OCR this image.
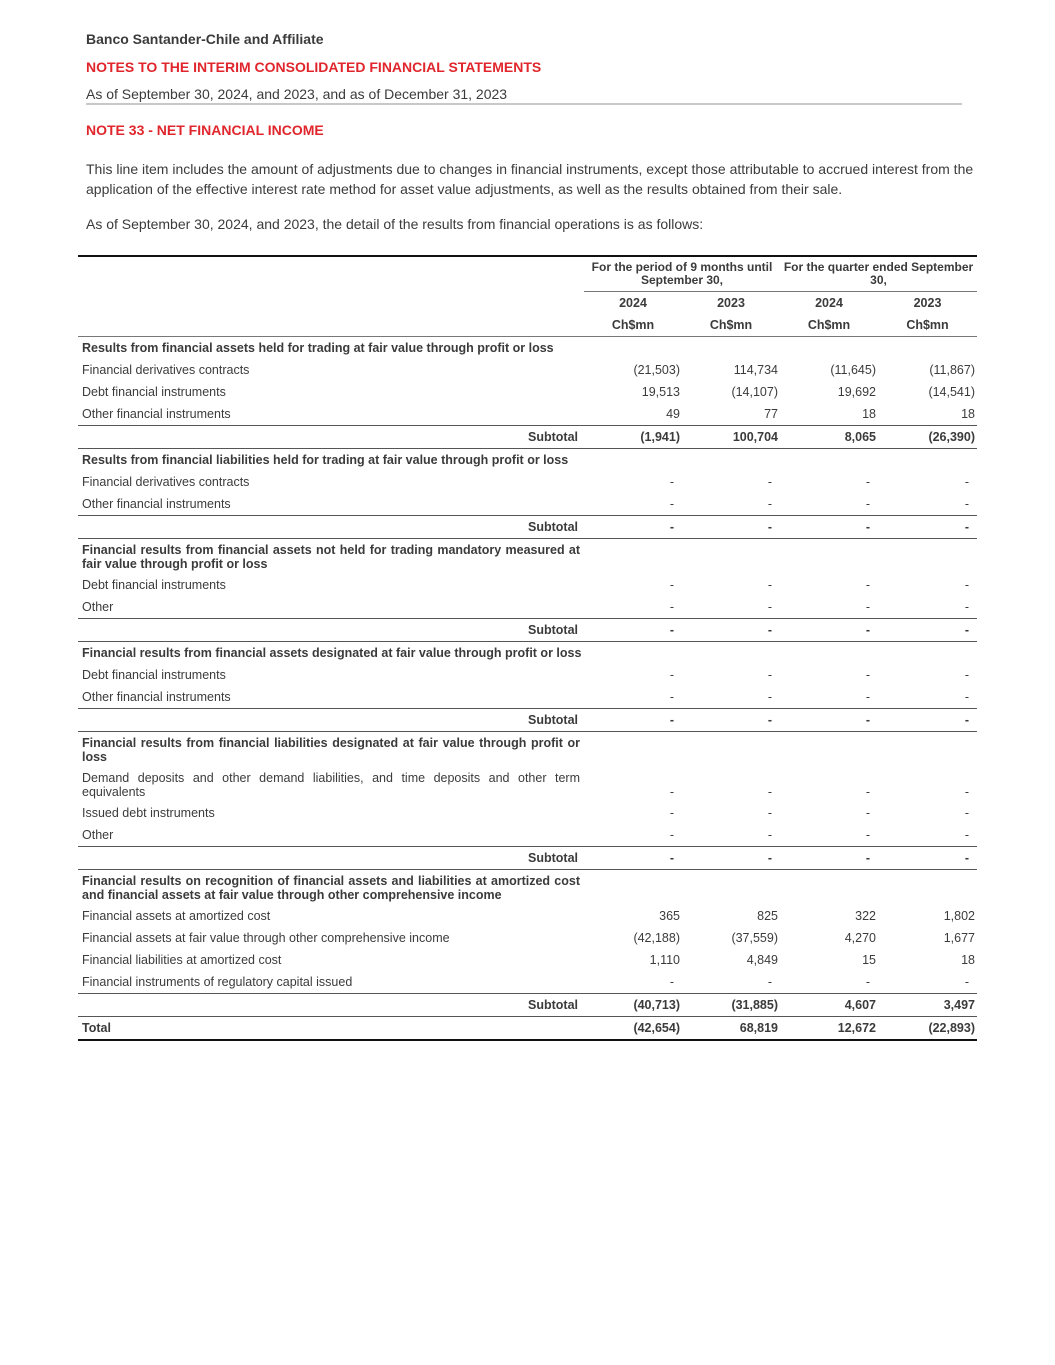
Banco Santander-Chile and Affiliate
NOTES TO THE INTERIM CONSOLIDATED FINANCIAL STATEMENTS
As of September 30, 2024, and 2023, and as of December 31, 2023
NOTE 33 - NET FINANCIAL INCOME
This line item includes the amount of adjustments due to changes in financial instruments, except those attributable to accrued interest from the application of the effective interest rate method for asset value adjustments, as well as the results obtained from their sale.
As of September 30, 2024, and 2023, the detail of the results from financial operations is as follows:

	For the period of 9 months until September 30,		For the quarter ended September 30,	
	2024	2023	2024	2023
	Ch$mn	Ch$mn	Ch$mn	Ch$mn
Results from financial assets held for trading at fair value through profit or loss				
Financial derivatives contracts	(21,503)	114,734	(11,645)	(11,867)
Debt financial instruments	19,513	(14,107)	19,692	(14,541)
Other financial instruments	49	77	18	18
Subtotal	(1,941)	100,704	8,065	(26,390)
Results from financial liabilities held for trading at fair value through profit or loss				
Financial derivatives contracts	-	-	-	-
Other financial instruments	-	-	-	-
Subtotal	-	-	-	-
Financial results from financial assets not held for trading mandatory measured at fair value through profit or loss				
Debt financial instruments	-	-	-	-
Other	-	-	-	-
Subtotal	-	-	-	-
Financial results from financial assets designated at fair value through profit or loss				
Debt financial instruments	-	-	-	-
Other financial instruments	-	-	-	-
Subtotal	-	-	-	-
Financial results from financial liabilities designated at fair value through profit or loss				
Demand deposits and other demand liabilities, and time deposits and other term equivalents	-	-	-	-
Issued debt instruments	-	-	-	-
Other	-	-	-	-
Subtotal	-	-	-	-
Financial results on recognition of financial assets and liabilities at amortized cost and financial assets at fair value through other comprehensive income				
Financial assets at amortized cost	365	825	322	1,802
Financial assets at fair value through other comprehensive income	(42,188)	(37,559)	4,270	1,677
Financial liabilities at amortized cost	1,110	4,849	15	18
Financial instruments of regulatory capital issued	-	-	-	-
Subtotal	(40,713)	(31,885)	4,607	3,497
Total	(42,654)	68,819	12,672	(22,893)
